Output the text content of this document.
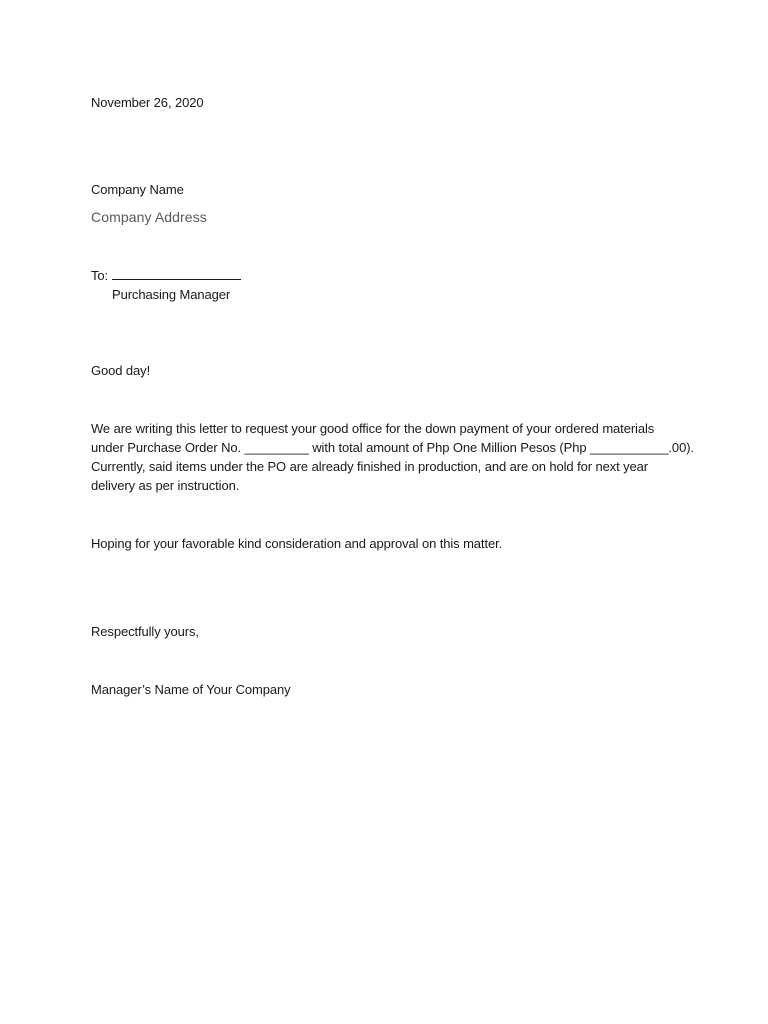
November 26, 2020
Company Name
Company Address
To:
Purchasing Manager
Good day!
We are writing this letter to request your good office for the down payment of your ordered materials
under Purchase Order No. _________ with total amount of Php One Million Pesos (Php ___________.00).
Currently, said items under the PO are already finished in production, and are on hold for next year
delivery as per instruction.
Hoping for your favorable kind consideration and approval on this matter.
Respectfully yours,
Manager’s Name of Your Company
